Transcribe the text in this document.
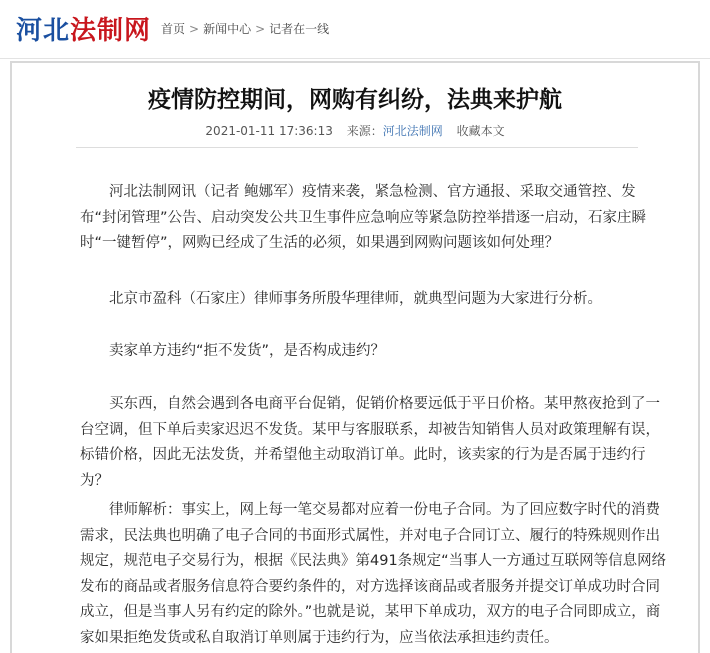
河北法制网 首页 > 新闻中心 > 记者在一线
疫情防控期间，网购有纠纷，法典来护航
2021-01-11 17:36:13 来源：河北法制网 收藏本文

河北法制网讯（记者 鲍娜军）疫情来袭，紧急检测、官方通报、采取交通管控、发布“封闭管理”公告、启动突发公共卫生事件应急响应等紧急防控举措逐一启动，石家庄瞬时“一键暂停”，网购已经成了生活的必须，如果遇到网购问题该如何处理？

北京市盈科（石家庄）律师事务所殷华理律师，就典型问题为大家进行分析。

卖家单方违约“拒不发货”，是否构成违约？

买东西，自然会遇到各电商平台促销，促销价格要远低于平日价格。某甲熬夜抢到了一台空调，但下单后卖家迟迟不发货。某甲与客服联系，却被告知销售人员对政策理解有误，标错价格，因此无法发货，并希望他主动取消订单。此时，该卖家的行为是否属于违约行为？

律师解析：事实上，网上每一笔交易都对应着一份电子合同。为了回应数字时代的消费需求，民法典也明确了电子合同的书面形式属性，并对电子合同订立、履行的特殊规则作出规定，规范电子交易行为，根据《民法典》第491条规定“当事人一方通过互联网等信息网络发布的商品或者服务信息符合要约条件的，对方选择该商品或者服务并提交订单成功时合同成立，但是当事人另有约定的除外。”也就是说，某甲下单成功，双方的电子合同即成立，商家如果拒绝发货或私自取消订单则属于违约行为，应当依法承担违约责任。
